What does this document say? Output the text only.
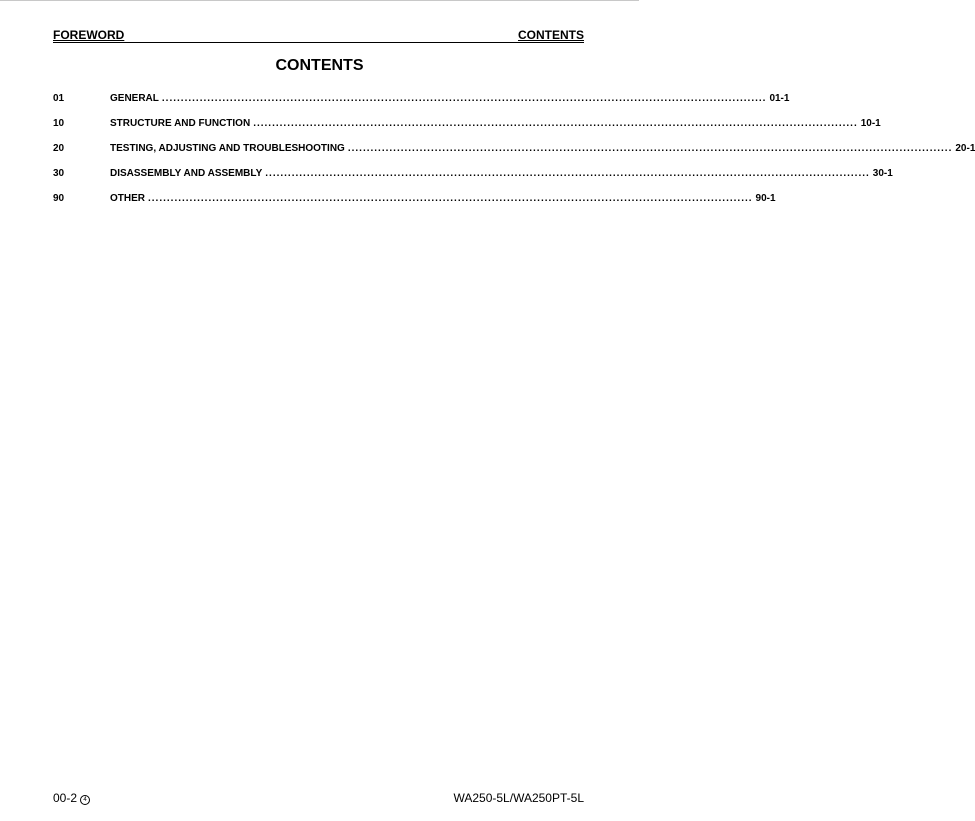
FOREWORD	CONTENTS
CONTENTS
01	GENERAL ................................................................................................................................................................ 01-1
10	STRUCTURE AND FUNCTION ................................................................................................................................................................ 10-1
20	TESTING, ADJUSTING AND TROUBLESHOOTING ................................................................................................................................................................ 20-1
30	DISASSEMBLY AND ASSEMBLY ................................................................................................................................................................ 30-1
90	OTHER ................................................................................................................................................................ 90-1
00-2 4	WA250-5L/WA250PT-5L
